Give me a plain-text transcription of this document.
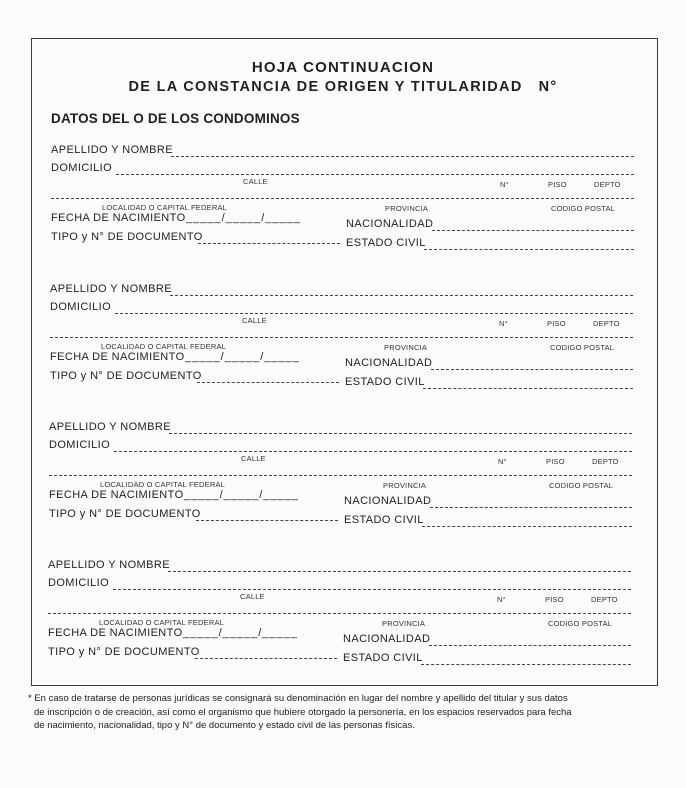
HOJA CONTINUACION
DE LA CONSTANCIA DE ORIGEN Y TITULARIDAD N°
DATOS DEL O DE LOS CONDOMINOS
APELLIDO Y NOMBRE
DOMICILIO
CALLE	N°	PISO	DEPTO
LOCALIDAD O CAPITAL FEDERAL	PROVINCIA	CODIGO POSTAL
FECHA DE NACIMIENTO _____/_____/_____	NACIONALIDAD
TIPO y N° DE DOCUMENTO	ESTADO CIVIL
APELLIDO Y NOMBRE
DOMICILIO
CALLE	N°	PISO	DEPTO
LOCALIDAD O CAPITAL FEDERAL	PROVINCIA	CODIGO POSTAL
FECHA DE NACIMIENTO _____/_____/_____	NACIONALIDAD
TIPO y N° DE DOCUMENTO	ESTADO CIVIL
APELLIDO Y NOMBRE
DOMICILIO
CALLE	N°	PISO	DEPTO
LOCALIDAD O CAPITAL FEDERAL	PROVINCIA	CODIGO POSTAL
FECHA DE NACIMIENTO _____/_____/_____	NACIONALIDAD
TIPO y N° DE DOCUMENTO	ESTADO CIVIL
APELLIDO Y NOMBRE
DOMICILIO
CALLE	N°	PISO	DEPTO
LOCALIDAD O CAPITAL FEDERAL	PROVINCIA	CODIGO POSTAL
FECHA DE NACIMIENTO _____/_____/_____	NACIONALIDAD
TIPO y N° DE DOCUMENTO	ESTADO CIVIL
* En caso de tratarse de personas jurídicas se consignará su denominación en lugar del nombre y apellido del titular y sus datos
de inscripción o de creación, así como el organismo que hubiere otorgado la personería, en los espacios reservados para fecha
de nacimiento, nacionalidad, tipo y N° de documento y estado civil de las personas físicas.
